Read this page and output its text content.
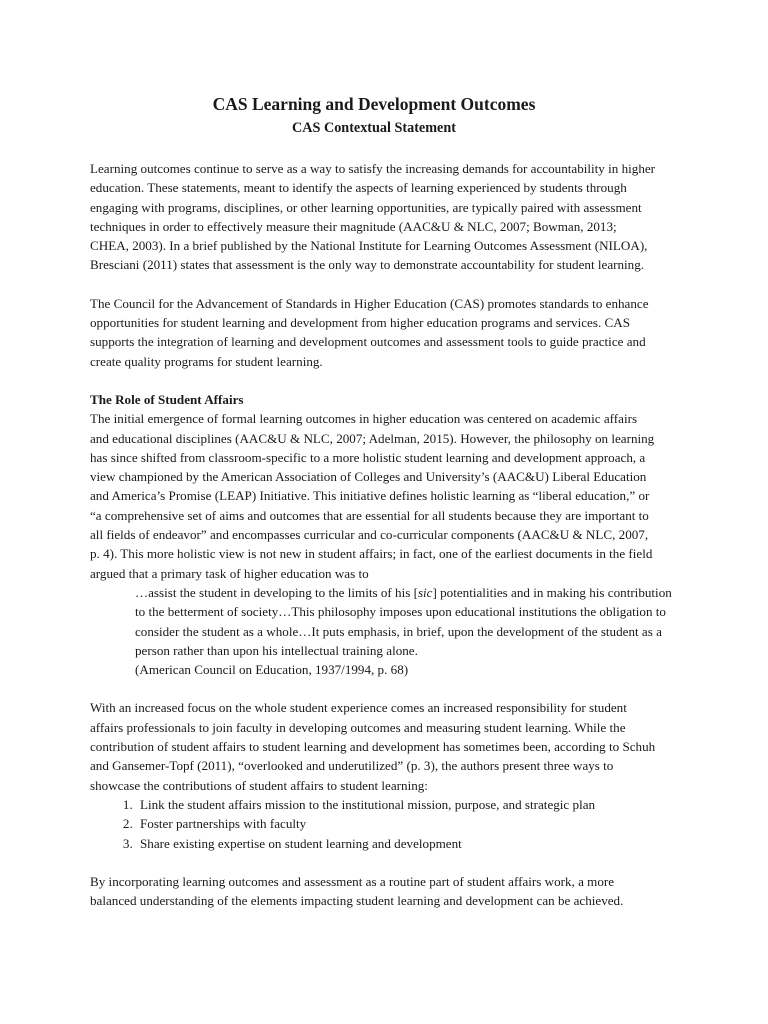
CAS Learning and Development Outcomes
CAS Contextual Statement

Learning outcomes continue to serve as a way to satisfy the increasing demands for accountability in higher education. These statements, meant to identify the aspects of learning experienced by students through engaging with programs, disciplines, or other learning opportunities, are typically paired with assessment techniques in order to effectively measure their magnitude (AAC&U & NLC, 2007; Bowman, 2013; CHEA, 2003). In a brief published by the National Institute for Learning Outcomes Assessment (NILOA), Bresciani (2011) states that assessment is the only way to demonstrate accountability for student learning.

The Council for the Advancement of Standards in Higher Education (CAS) promotes standards to enhance opportunities for student learning and development from higher education programs and services. CAS supports the integration of learning and development outcomes and assessment tools to guide practice and create quality programs for student learning.

The Role of Student Affairs

The initial emergence of formal learning outcomes in higher education was centered on academic affairs and educational disciplines (AAC&U & NLC, 2007; Adelman, 2015). However, the philosophy on learning has since shifted from classroom-specific to a more holistic student learning and development approach, a view championed by the American Association of Colleges and University’s (AAC&U) Liberal Education and America’s Promise (LEAP) Initiative. This initiative defines holistic learning as “liberal education,” or “a comprehensive set of aims and outcomes that are essential for all students because they are important to all fields of endeavor” and encompasses curricular and co-curricular components (AAC&U & NLC, 2007, p. 4). This more holistic view is not new in student affairs; in fact, one of the earliest documents in the field argued that a primary task of higher education was to

…assist the student in developing to the limits of his [sic] potentialities and in making his contribution to the betterment of society…This philosophy imposes upon educational institutions the obligation to consider the student as a whole…It puts emphasis, in brief, upon the development of the student as a person rather than upon his intellectual training alone.
(American Council on Education, 1937/1994, p. 68)

With an increased focus on the whole student experience comes an increased responsibility for student affairs professionals to join faculty in developing outcomes and measuring student learning. While the contribution of student affairs to student learning and development has sometimes been, according to Schuh and Gansemer-Topf (2011), “overlooked and underutilized” (p. 3), the authors present three ways to showcase the contributions of student affairs to student learning:

1. Link the student affairs mission to the institutional mission, purpose, and strategic plan
2. Foster partnerships with faculty
3. Share existing expertise on student learning and development

By incorporating learning outcomes and assessment as a routine part of student affairs work, a more balanced understanding of the elements impacting student learning and development can be achieved.
